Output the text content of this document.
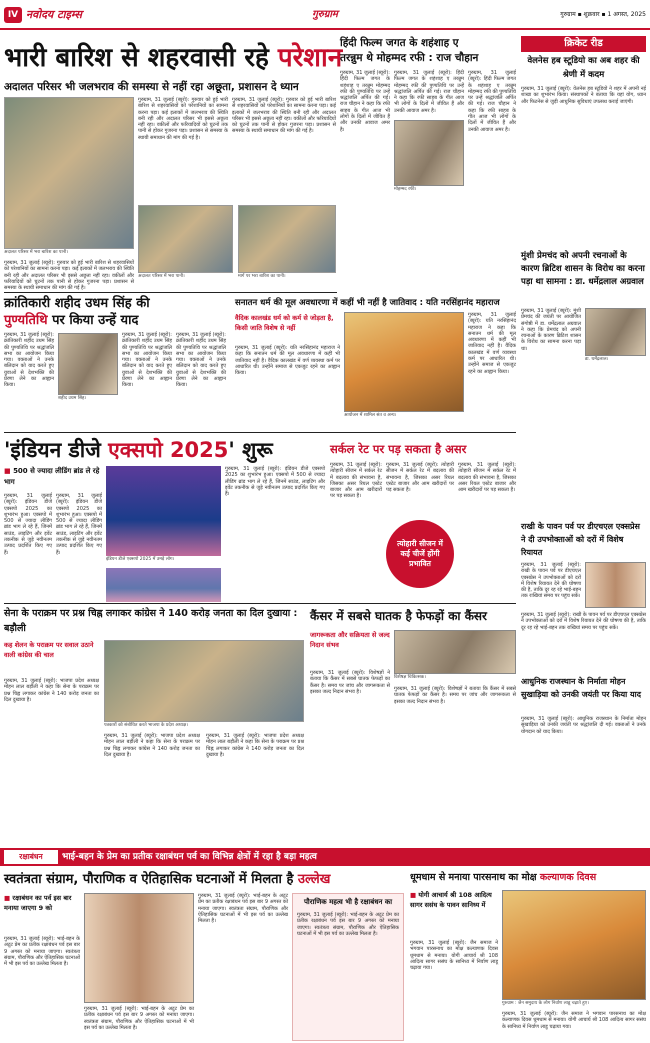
IV नवोदय टाइम्स	गुरुग्राम	गुरुग्राम ▪ शुक्रवार ▪ 1 अगस्त, 2025
भारी बारिश से शहरवासी रहे परेशान
अदालत परिसर भी जलभराव की समस्या से नहीं रहा अछूता, प्रशासन दे ध्यान
अदालत परिसर में भरा बारिश का पानी।
गुरुग्राम, 31 जुलाई (ब्यूरो): गुरुवार को हुई भारी बारिश से शहरवासियों को परेशानियों का सामना करना पड़ा। कई इलाकों में जलभराव की स्थिति बनी रही और अदालत परिसर भी इससे अछूता नहीं रहा। वकीलों और फरियादियों को घुटनों तक पानी से होकर गुजरना पड़ा। प्रशासन से समस्या के स्थायी समाधान की मांग की गई है।
गुरुग्राम, 31 जुलाई (ब्यूरो): गुरुवार को हुई भारी बारिश से शहरवासियों को परेशानियों का सामना करना पड़ा। कई इलाकों में जलभराव की स्थिति बनी रही और अदालत परिसर भी इससे अछूता नहीं रहा। वकीलों और फरियादियों को घुटनों तक पानी से होकर गुजरना पड़ा। प्रशासन से समस्या के स्थायी समाधान की मांग की गई है।
गुरुग्राम, 31 जुलाई (ब्यूरो): गुरुवार को हुई भारी बारिश से शहरवासियों को परेशानियों का सामना करना पड़ा। कई इलाकों में जलभराव की स्थिति बनी रही और अदालत परिसर भी इससे अछूता नहीं रहा। वकीलों और फरियादियों को घुटनों तक पानी से होकर गुजरना पड़ा। प्रशासन से समस्या के स्थायी समाधान की मांग की गई है।
अदालत परिसर में भरा पानी।	मार्ग पर भरा बारिश का पानी।
हिंदी फिल्म जगत के शहंशाह ए
तरन्नुम थे मोहम्मद रफी : राज चौहान
गुरुग्राम, 31 जुलाई (ब्यूरो): हिंदी फिल्म जगत के शहंशाह ए तरन्नुम मोहम्मद रफी की पुण्यतिथि पर उन्हें श्रद्धांजलि अर्पित की गई। राज चौहान ने कहा कि रफी साहब के गीत आज भी लोगों के दिलों में जीवित हैं और उनकी आवाज अमर है।
मोहम्मद रफी।
गुरुग्राम, 31 जुलाई (ब्यूरो): हिंदी फिल्म जगत के शहंशाह ए तरन्नुम मोहम्मद रफी की पुण्यतिथि पर उन्हें श्रद्धांजलि अर्पित की गई। राज चौहान ने कहा कि रफी साहब के गीत आज भी लोगों के दिलों में जीवित हैं और उनकी आवाज अमर है।
गुरुग्राम, 31 जुलाई (ब्यूरो): हिंदी फिल्म जगत के शहंशाह ए तरन्नुम मोहम्मद रफी की पुण्यतिथि पर उन्हें श्रद्धांजलि अर्पित की गई। राज चौहान ने कहा कि रफी साहब के गीत आज भी लोगों के दिलों में जीवित हैं और उनकी आवाज अमर है।
क्रिकेट रीड
वेलनेस हब स्टूडियो का अब शहर की श्रेणी में कदम
गुरुग्राम, 31 जुलाई (ब्यूरो): वेलनेस हब स्टूडियो ने शहर में अपनी नई शाखा का शुभारंभ किया। संस्थापकों ने बताया कि यहां योग, ध्यान और फिटनेस से जुड़ी आधुनिक सुविधाएं उपलब्ध कराई जाएंगी।
मुंशी प्रेमचंद को अपनी रचनाओं के कारण ब्रिटिश शासन के विरोध का करना पड़ा था सामना : डा. धर्मेद्रलाल अग्रवाल
गुरुग्राम, 31 जुलाई (ब्यूरो): मुंशी प्रेमचंद की जयंती पर आयोजित संगोष्ठी में डा. धर्मेद्रलाल अग्रवाल ने कहा कि प्रेमचंद को अपनी रचनाओं के कारण ब्रिटिश शासन के विरोध का सामना करना पड़ा था।
डा. धर्मेद्रलाल।
क्रांतिकारी शहीद उधम सिंह की
पुण्यतिथि पर किया उन्हें याद
गुरुग्राम, 31 जुलाई (ब्यूरो): क्रांतिकारी शहीद उधम सिंह की पुण्यतिथि पर श्रद्धांजलि सभा का आयोजन किया गया। वक्ताओं ने उनके बलिदान को याद करते हुए युवाओं से देशभक्ति की प्रेरणा लेने का आह्वान किया।
शहीद उधम सिंह।
गुरुग्राम, 31 जुलाई (ब्यूरो): क्रांतिकारी शहीद उधम सिंह की पुण्यतिथि पर श्रद्धांजलि सभा का आयोजन किया गया। वक्ताओं ने उनके बलिदान को याद करते हुए युवाओं से देशभक्ति की प्रेरणा लेने का आह्वान किया।
गुरुग्राम, 31 जुलाई (ब्यूरो): क्रांतिकारी शहीद उधम सिंह की पुण्यतिथि पर श्रद्धांजलि सभा का आयोजन किया गया। वक्ताओं ने उनके बलिदान को याद करते हुए युवाओं से देशभक्ति की प्रेरणा लेने का आह्वान किया।
सनातन धर्म की मूल अवधारणा में कहीं भी नहीं है जातिवाद : यति नरसिंहानंद महाराज
वैदिक कालखंड धर्म को कर्म से जोड़ता है, किसी जाति विशेष से नहीं
गुरुग्राम, 31 जुलाई (ब्यूरो): यति नरसिंहानंद महाराज ने कहा कि सनातन धर्म की मूल अवधारणा में कहीं भी जातिवाद नहीं है। वैदिक कालखंड में वर्ण व्यवस्था कर्म पर आधारित थी। उन्होंने समाज से एकजुट रहने का आह्वान किया।
आयोजन में शामिल संत व अन्य।
गुरुग्राम, 31 जुलाई (ब्यूरो): यति नरसिंहानंद महाराज ने कहा कि सनातन धर्म की मूल अवधारणा में कहीं भी जातिवाद नहीं है। वैदिक कालखंड में वर्ण व्यवस्था कर्म पर आधारित थी। उन्होंने समाज से एकजुट रहने का आह्वान किया।
'इंडियन डीजे एक्सपो 2025' शुरू
■ 500 से ज्यादा लीडिंग ब्रांड ले रहे भाग
गुरुग्राम, 31 जुलाई (ब्यूरो): इंडियन डीजे एक्सपो 2025 का शुभारंभ हुआ। एक्सपो में 500 से ज्यादा लीडिंग ब्रांड भाग ले रहे हैं, जिनमें साउंड, लाइटिंग और इवेंट तकनीक से जुड़े नवीनतम उत्पाद प्रदर्शित किए गए हैं।
इंडियन डीजे एक्सपो 2025 में उमड़े लोग।
गुरुग्राम, 31 जुलाई (ब्यूरो): इंडियन डीजे एक्सपो 2025 का शुभारंभ हुआ। एक्सपो में 500 से ज्यादा लीडिंग ब्रांड भाग ले रहे हैं, जिनमें साउंड, लाइटिंग और इवेंट तकनीक से जुड़े नवीनतम उत्पाद प्रदर्शित किए गए हैं।
गुरुग्राम, 31 जुलाई (ब्यूरो): इंडियन डीजे एक्सपो 2025 का शुभारंभ हुआ। एक्सपो में 500 से ज्यादा लीडिंग ब्रांड भाग ले रहे हैं, जिनमें साउंड, लाइटिंग और इवेंट तकनीक से जुड़े नवीनतम उत्पाद प्रदर्शित किए गए हैं।
सर्कल रेट पर पड़ सकता है असर
गुरुग्राम, 31 जुलाई (ब्यूरो): त्योहारी सीजन में सर्कल रेट में बदलाव की संभावना है, जिसका असर रियल एस्टेट बाजार और आम खरीदारों पर पड़ सकता है।
त्योहारी सीजन में कई चीजें होंगी प्रभावित
गुरुग्राम, 31 जुलाई (ब्यूरो): त्योहारी सीजन में सर्कल रेट में बदलाव की संभावना है, जिसका असर रियल एस्टेट बाजार और आम खरीदारों पर पड़ सकता है।
गुरुग्राम, 31 जुलाई (ब्यूरो): त्योहारी सीजन में सर्कल रेट में बदलाव की संभावना है, जिसका असर रियल एस्टेट बाजार और आम खरीदारों पर पड़ सकता है।
राखी के पावन पर्व पर डीएचएल एक्सप्रेस ने दी उपभोक्ताओं को दरों में विशेष रियायत
गुरुग्राम, 31 जुलाई (ब्यूरो): राखी के पावन पर्व पर डीएचएल एक्सप्रेस ने उपभोक्ताओं को दरों में विशेष रियायत देने की घोषणा की है, ताकि दूर रह रहे भाई-बहन तक राखियां समय पर पहुंच सकें।
गुरुग्राम, 31 जुलाई (ब्यूरो): राखी के पावन पर्व पर डीएचएल एक्सप्रेस ने उपभोक्ताओं को दरों में विशेष रियायत देने की घोषणा की है, ताकि दूर रह रहे भाई-बहन तक राखियां समय पर पहुंच सकें।
आधुनिक राजस्थान के निर्माता मोहन सुखाड़िया को उनकी जयंती पर किया याद
गुरुग्राम, 31 जुलाई (ब्यूरो): आधुनिक राजस्थान के निर्माता मोहन सुखाड़िया को उनकी जयंती पर श्रद्धांजलि दी गई। वक्ताओं ने उनके योगदान को याद किया।
सेना के पराक्रम पर प्रश्न चिह्न लगाकर कांग्रेस ने 140 करोड़ जनता का दिल दुखाया : बड़ौली
कह शेलन के पराक्रम पर सवाल उठाने वाली कांग्रेस की चाल
गुरुग्राम, 31 जुलाई (ब्यूरो): भाजपा प्रदेश अध्यक्ष मोहन लाल बड़ौली ने कहा कि सेना के पराक्रम पर प्रश्न चिह्न लगाकर कांग्रेस ने 140 करोड़ जनता का दिल दुखाया है।
पत्रकारों को संबोधित करते भाजपा के प्रदेश अध्यक्ष।
गुरुग्राम, 31 जुलाई (ब्यूरो): भाजपा प्रदेश अध्यक्ष मोहन लाल बड़ौली ने कहा कि सेना के पराक्रम पर प्रश्न चिह्न लगाकर कांग्रेस ने 140 करोड़ जनता का दिल दुखाया है।
गुरुग्राम, 31 जुलाई (ब्यूरो): भाजपा प्रदेश अध्यक्ष मोहन लाल बड़ौली ने कहा कि सेना के पराक्रम पर प्रश्न चिह्न लगाकर कांग्रेस ने 140 करोड़ जनता का दिल दुखाया है।
कैंसर में सबसे घातक है फेफड़ों का कैंसर
जागरूकता और सक्रियता से जल्द निदान संभव
विशेषज्ञ चिकित्सक।
गुरुग्राम, 31 जुलाई (ब्यूरो): विशेषज्ञों ने बताया कि कैंसर में सबसे घातक फेफड़ों का कैंसर है। समय पर जांच और जागरूकता से इसका जल्द निदान संभव है।	गुरुग्राम, 31 जुलाई (ब्यूरो): विशेषज्ञों ने बताया कि कैंसर में सबसे घातक फेफड़ों का कैंसर है। समय पर जांच और जागरूकता से इसका जल्द निदान संभव है।
रक्षाबंधन	भाई-बहन के प्रेम का प्रतीक रक्षाबंधन पर्व का विभिन्न क्षेत्रों में रहा है बड़ा महत्व
स्वतंत्रता संग्राम, पौराणिक व ऐतिहासिक घटनाओं में मिलता है उल्लेख
■ रक्षाबंधन का पर्व इस बार मनाया जाएगा 9 को
गुरुग्राम, 31 जुलाई (ब्यूरो): भाई-बहन के अटूट प्रेम का प्रतीक रक्षाबंधन पर्व इस बार 9 अगस्त को मनाया जाएगा। स्वतंत्रता संग्राम, पौराणिक और ऐतिहासिक घटनाओं में भी इस पर्व का उल्लेख मिलता है।
गुरुग्राम, 31 जुलाई (ब्यूरो): भाई-बहन के अटूट प्रेम का प्रतीक रक्षाबंधन पर्व इस बार 9 अगस्त को मनाया जाएगा। स्वतंत्रता संग्राम, पौराणिक और ऐतिहासिक घटनाओं में भी इस पर्व का उल्लेख मिलता है।
गुरुग्राम, 31 जुलाई (ब्यूरो): भाई-बहन के अटूट प्रेम का प्रतीक रक्षाबंधन पर्व इस बार 9 अगस्त को मनाया जाएगा। स्वतंत्रता संग्राम, पौराणिक और ऐतिहासिक घटनाओं में भी इस पर्व का उल्लेख मिलता है।
पौराणिक महत्व भी है रक्षाबंधन का
गुरुग्राम, 31 जुलाई (ब्यूरो): भाई-बहन के अटूट प्रेम का प्रतीक रक्षाबंधन पर्व इस बार 9 अगस्त को मनाया जाएगा। स्वतंत्रता संग्राम, पौराणिक और ऐतिहासिक घटनाओं में भी इस पर्व का उल्लेख मिलता है।
धूमधाम से मनाया पारसनाथ का मोक्ष कल्याणक दिवस
■ योगी आचार्य श्री 108 आदित्य सागर ससंघ के पावन सानिध्य में
गुरुग्राम, 31 जुलाई (ब्यूरो): जैन समाज ने भगवान पारसनाथ का मोक्ष कल्याणक दिवस धूमधाम से मनाया। योगी आचार्य श्री 108 आदित्य सागर ससंघ के सानिध्य में निर्वाण लाडू चढ़ाया गया।
गुरुग्राम : जैन समुदाय के लोग निर्वाण लाडू चढ़ाते हुए।
गुरुग्राम, 31 जुलाई (ब्यूरो): जैन समाज ने भगवान पारसनाथ का मोक्ष कल्याणक दिवस धूमधाम से मनाया। योगी आचार्य श्री 108 आदित्य सागर ससंघ के सानिध्य में निर्वाण लाडू चढ़ाया गया।
